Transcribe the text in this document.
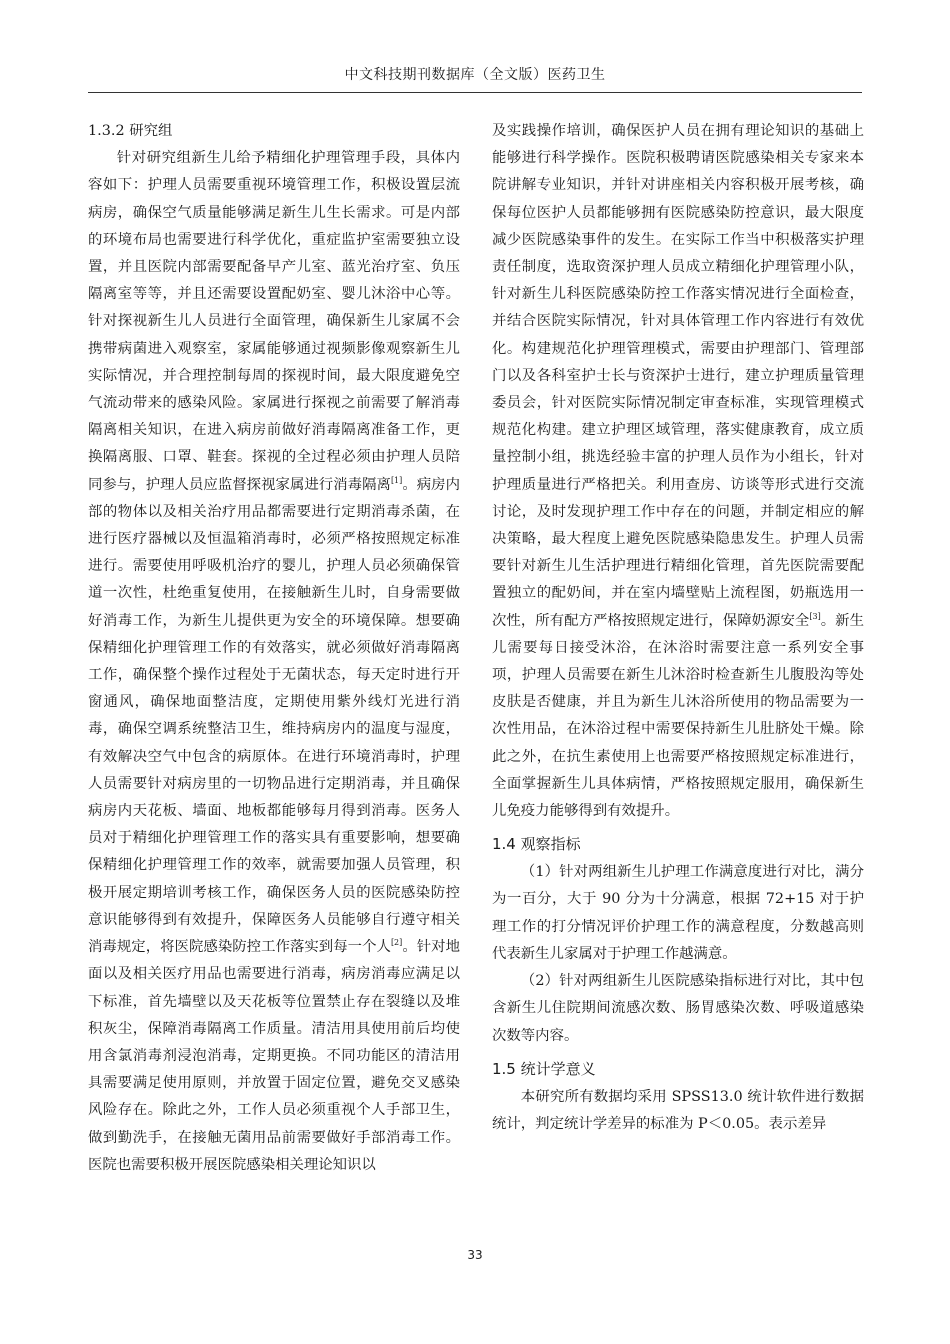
中文科技期刊数据库（全文版）医药卫生

1.3.2 研究组

针对研究组新生儿给予精细化护理管理手段，具体内容如下：护理人员需要重视环境管理工作，积极设置层流病房，确保空气质量能够满足新生儿生长需求。可是内部的环境布局也需要进行科学优化，重症监护室需要独立设置，并且医院内部需要配备早产儿室、蓝光治疗室、负压隔离室等等，并且还需要设置配奶室、婴儿沐浴中心等。针对探视新生儿人员进行全面管理，确保新生儿家属不会携带病菌进入观察室，家属能够通过视频影像观察新生儿实际情况，并合理控制每周的探视时间，最大限度避免空气流动带来的感染风险。家属进行探视之前需要了解消毒隔离相关知识，在进入病房前做好消毒隔离准备工作，更换隔离服、口罩、鞋套。探视的全过程必须由护理人员陪同参与，护理人员应监督探视家属进行消毒隔离[1]。病房内部的物体以及相关治疗用品都需要进行定期消毒杀菌，在进行医疗器械以及恒温箱消毒时，必须严格按照规定标准进行。需要使用呼吸机治疗的婴儿，护理人员必须确保管道一次性，杜绝重复使用，在接触新生儿时，自身需要做好消毒工作，为新生儿提供更为安全的环境保障。想要确保精细化护理管理工作的有效落实，就必须做好消毒隔离工作，确保整个操作过程处于无菌状态，每天定时进行开窗通风，确保地面整洁度，定期使用紫外线灯光进行消毒，确保空调系统整洁卫生，维持病房内的温度与湿度，有效解决空气中包含的病原体。在进行环境消毒时，护理人员需要针对病房里的一切物品进行定期消毒，并且确保病房内天花板、墙面、地板都能够每月得到消毒。医务人员对于精细化护理管理工作的落实具有重要影响，想要确保精细化护理管理工作的效率，就需要加强人员管理，积极开展定期培训考核工作，确保医务人员的医院感染防控意识能够得到有效提升，保障医务人员能够自行遵守相关消毒规定，将医院感染防控工作落实到每一个人[2]。针对地面以及相关医疗用品也需要进行消毒，病房消毒应满足以下标准，首先墙壁以及天花板等位置禁止存在裂缝以及堆积灰尘，保障消毒隔离工作质量。清洁用具使用前后均使用含氯消毒剂浸泡消毒，定期更换。不同功能区的清洁用具需要满足使用原则，并放置于固定位置，避免交叉感染风险存在。除此之外，工作人员必须重视个人手部卫生，做到勤洗手，在接触无菌用品前需要做好手部消毒工作。医院也需要积极开展医院感染相关理论知识以

及实践操作培训，确保医护人员在拥有理论知识的基础上能够进行科学操作。医院积极聘请医院感染相关专家来本院讲解专业知识，并针对讲座相关内容积极开展考核，确保每位医护人员都能够拥有医院感染防控意识，最大限度减少医院感染事件的发生。在实际工作当中积极落实护理责任制度，选取资深护理人员成立精细化护理管理小队，针对新生儿科医院感染防控工作落实情况进行全面检查，并结合医院实际情况，针对具体管理工作内容进行有效优化。构建规范化护理管理模式，需要由护理部门、管理部门以及各科室护士长与资深护士进行，建立护理质量管理委员会，针对医院实际情况制定审查标准，实现管理模式规范化构建。建立护理区域管理，落实健康教育，成立质量控制小组，挑选经验丰富的护理人员作为小组长，针对护理质量进行严格把关。利用查房、访谈等形式进行交流讨论，及时发现护理工作中存在的问题，并制定相应的解决策略，最大程度上避免医院感染隐患发生。护理人员需要针对新生儿生活护理进行精细化管理，首先医院需要配置独立的配奶间，并在室内墙壁贴上流程图，奶瓶选用一次性，所有配方严格按照规定进行，保障奶源安全[3]。新生儿需要每日接受沐浴，在沐浴时需要注意一系列安全事项，护理人员需要在新生儿沐浴时检查新生儿腹股沟等处皮肤是否健康，并且为新生儿沐浴所使用的物品需要为一次性用品，在沐浴过程中需要保持新生儿肚脐处干燥。除此之外，在抗生素使用上也需要严格按照规定标准进行，全面掌握新生儿具体病情，严格按照规定服用，确保新生儿免疫力能够得到有效提升。

1.4 观察指标

（1）针对两组新生儿护理工作满意度进行对比，满分为一百分，大于 90 分为十分满意，根据 72+15 对于护理工作的打分情况评价护理工作的满意程度，分数越高则代表新生儿家属对于护理工作越满意。

（2）针对两组新生儿医院感染指标进行对比，其中包含新生儿住院期间流感次数、肠胃感染次数、呼吸道感染次数等内容。

1.5 统计学意义

本研究所有数据均采用 SPSS13.0 统计软件进行数据统计，判定统计学差异的标准为 P＜0.05。表示差异

33
